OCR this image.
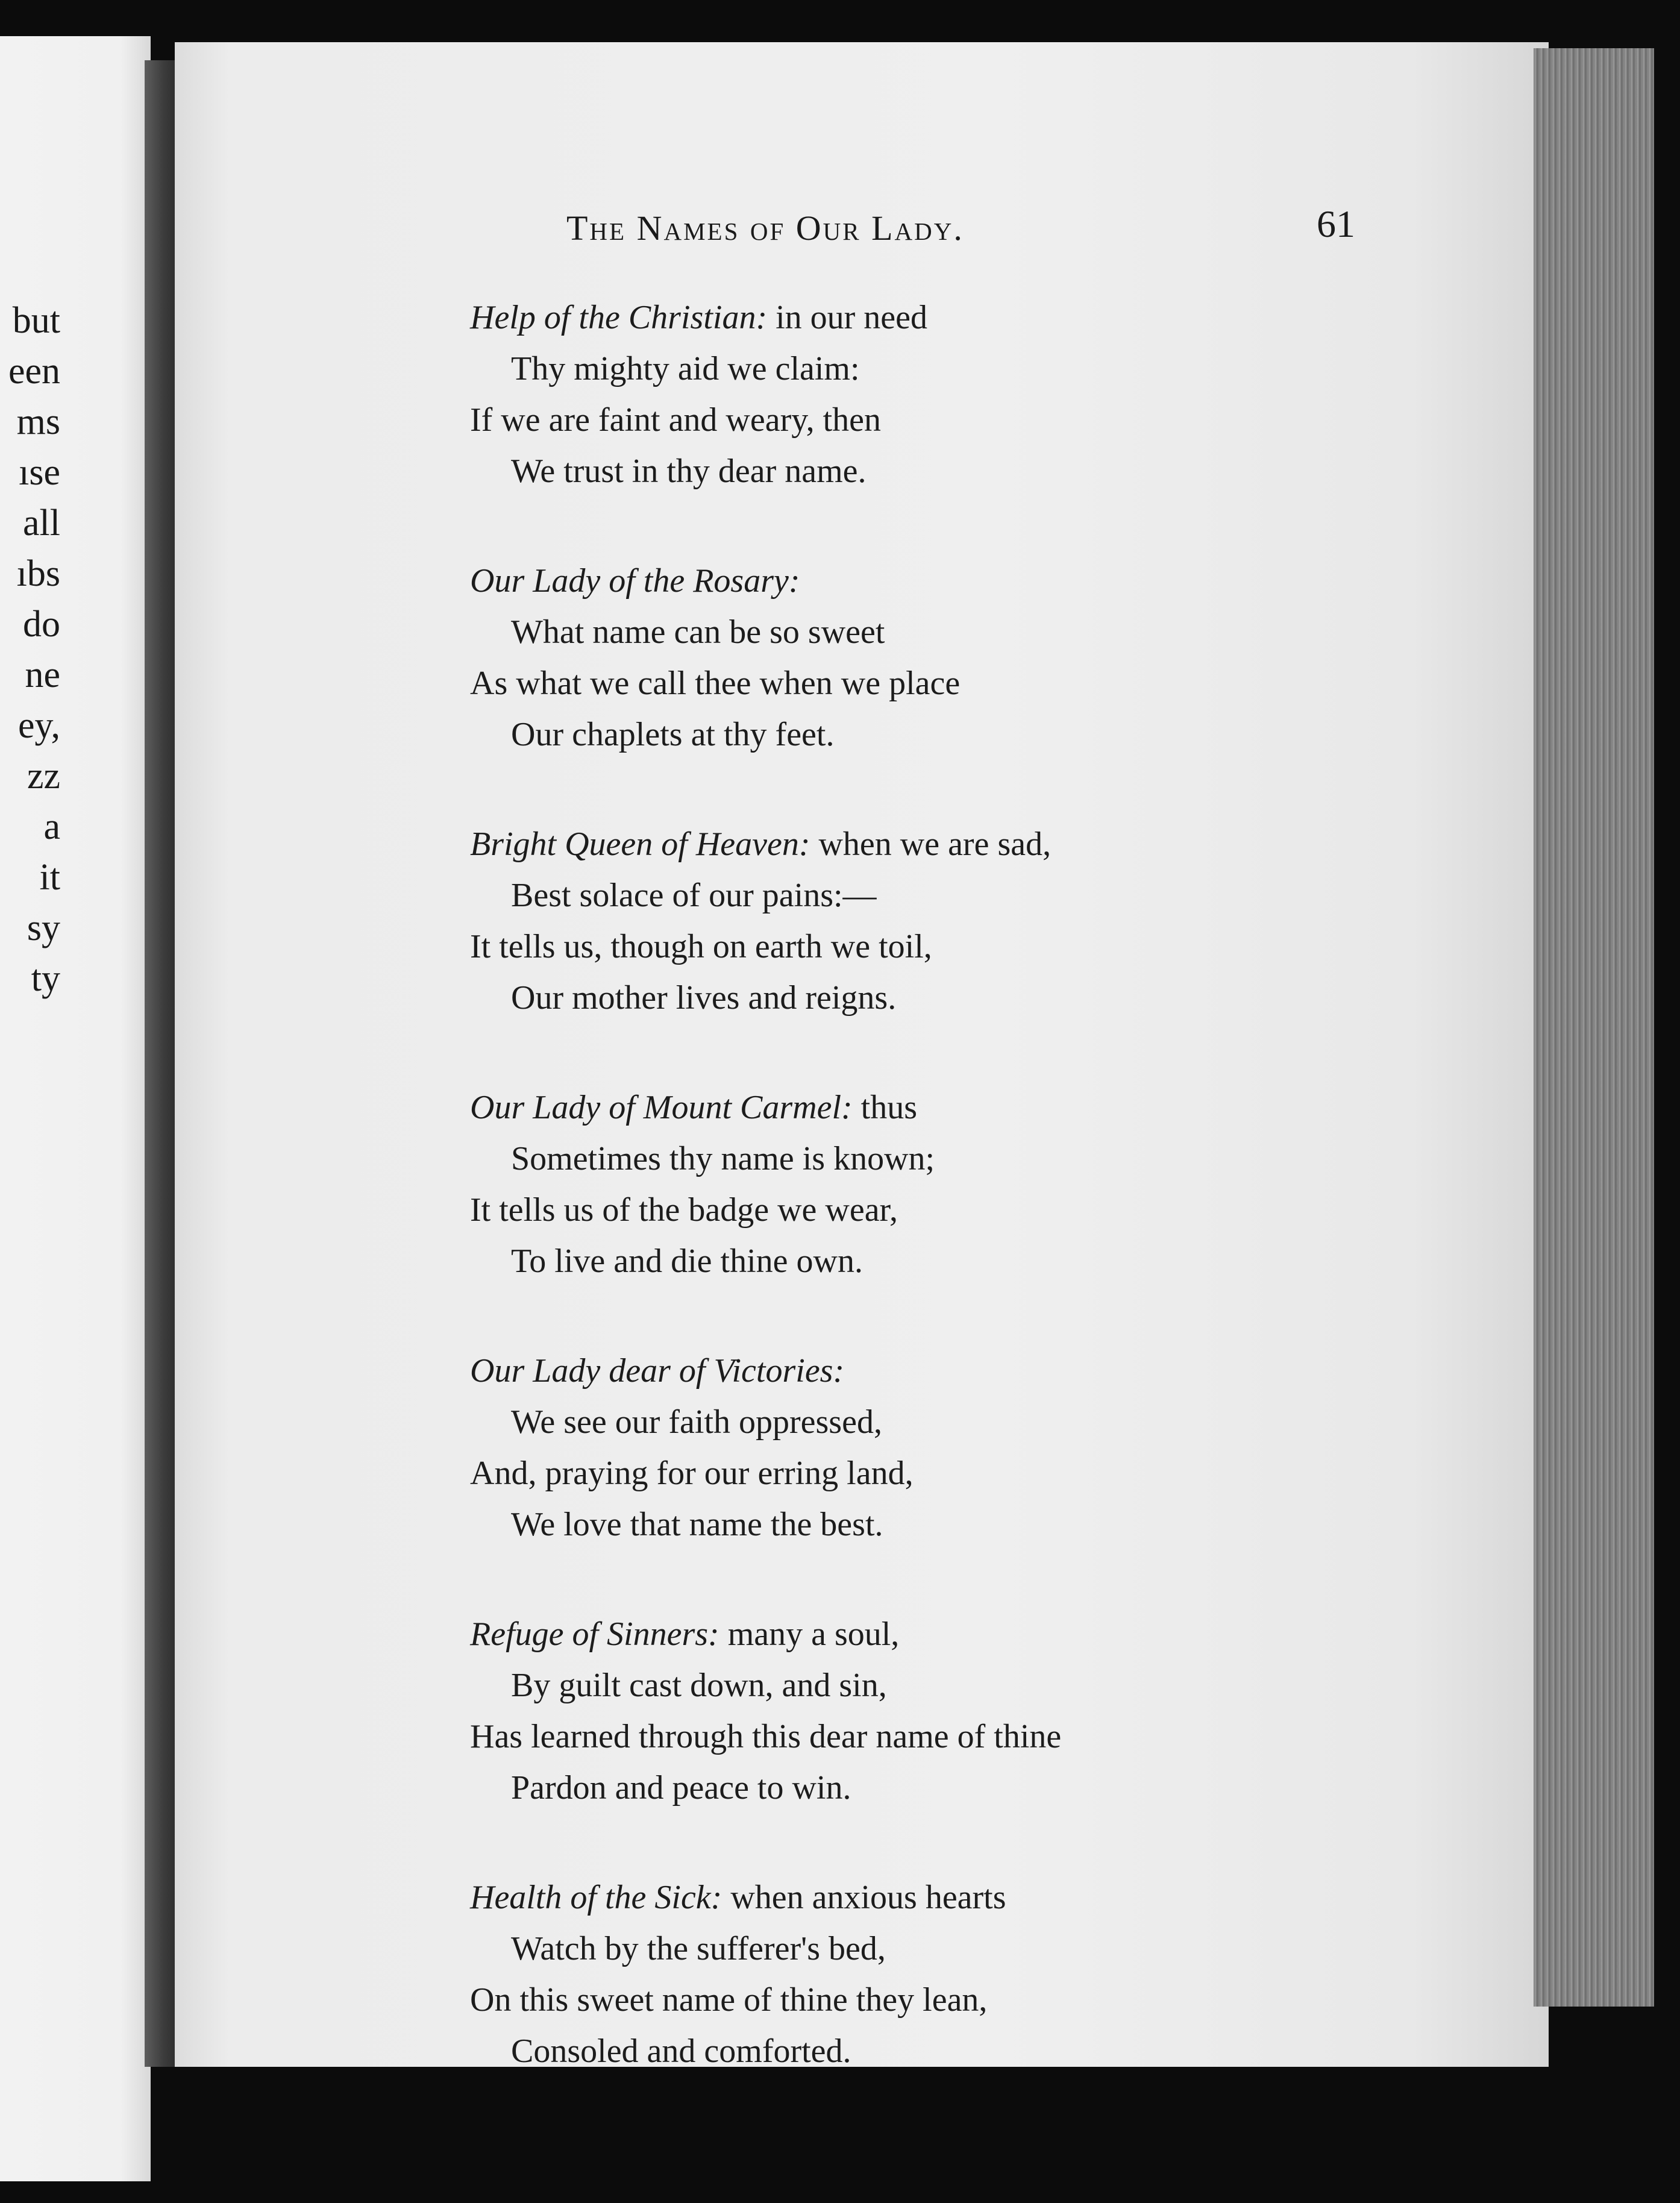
but
een
ms
ıse
all
ıbs
do
ne
ey,
zz
a
it
sy
ty
The Names of Our Lady.	61
Help of the Christian: in our need
Thy mighty aid we claim:
If we are faint and weary, then
We trust in thy dear name.
Our Lady of the Rosary:
What name can be so sweet
As what we call thee when we place
Our chaplets at thy feet.
Bright Queen of Heaven: when we are sad,
Best solace of our pains:—
It tells us, though on earth we toil,
Our mother lives and reigns.
Our Lady of Mount Carmel: thus
Sometimes thy name is known;
It tells us of the badge we wear,
To live and die thine own.
Our Lady dear of Victories:
We see our faith oppressed,
And, praying for our erring land,
We love that name the best.
Refuge of Sinners: many a soul,
By guilt cast down, and sin,
Has learned through this dear name of thine
Pardon and peace to win.
Health of the Sick: when anxious hearts
Watch by the sufferer's bed,
On this sweet name of thine they lean,
Consoled and comforted.
